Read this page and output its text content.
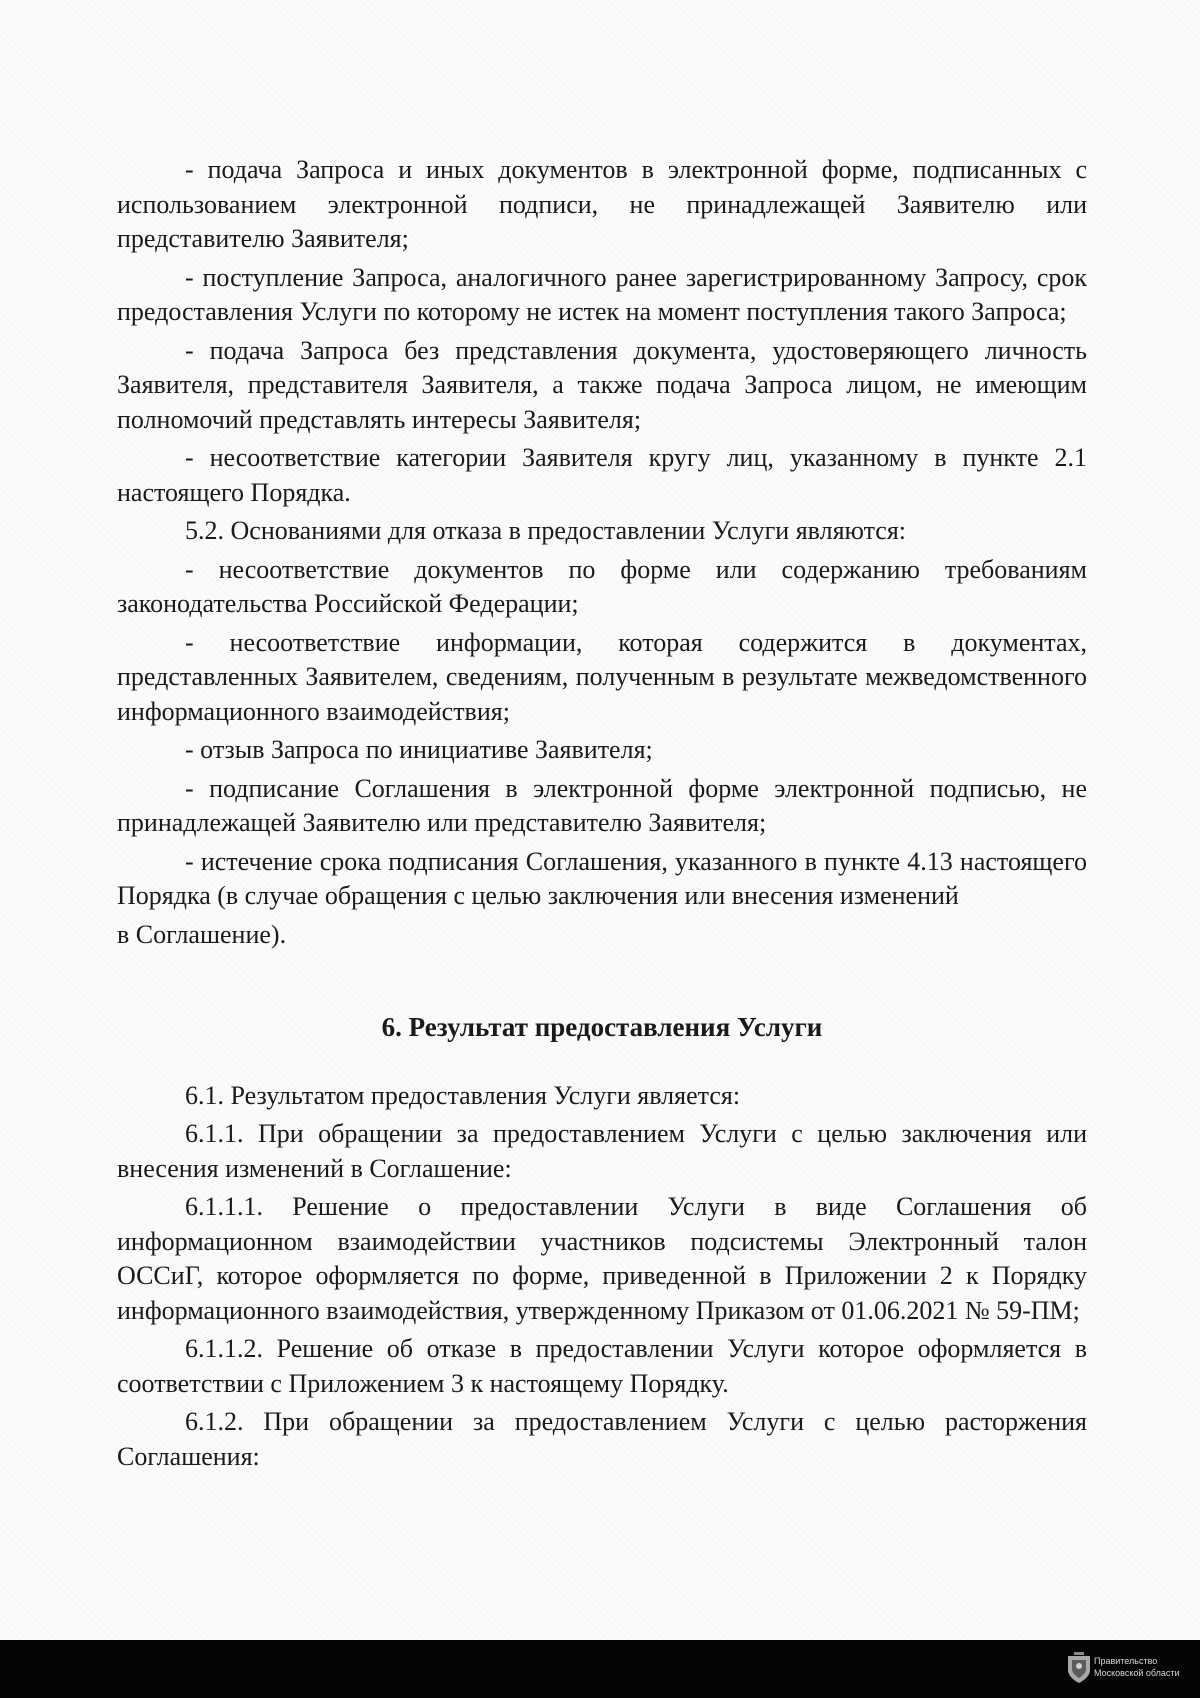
- подача Запроса и иных документов в электронной форме, подписанных с использованием электронной подписи, не принадлежащей Заявителю или представителю Заявителя;

- поступление Запроса, аналогичного ранее зарегистрированному Запросу, срок предоставления Услуги по которому не истек на момент поступления такого Запроса;

- подача Запроса без представления документа, удостоверяющего личность Заявителя, представителя Заявителя, а также подача Запроса лицом, не имеющим полномочий представлять интересы Заявителя;

- несоответствие категории Заявителя кругу лиц, указанному в пункте 2.1 настоящего Порядка.

5.2. Основаниями для отказа в предоставлении Услуги являются:

- несоответствие документов по форме или содержанию требованиям законодательства Российской Федерации;

- несоответствие информации, которая содержится в документах, представленных Заявителем, сведениям, полученным в результате межведомственного информационного взаимодействия;

- отзыв Запроса по инициативе Заявителя;

- подписание Соглашения в электронной форме электронной подписью, не принадлежащей Заявителю или представителю Заявителя;

- истечение срока подписания Соглашения, указанного в пункте 4.13 настоящего Порядка (в случае обращения с целью заключения или внесения изменений

в Соглашение).

6. Результат предоставления Услуги

6.1. Результатом предоставления Услуги является:

6.1.1. При обращении за предоставлением Услуги с целью заключения или внесения изменений в Соглашение:

6.1.1.1. Решение о предоставлении Услуги в виде Соглашения об информационном взаимодействии участников подсистемы Электронный талон ОССиГ, которое оформляется по форме, приведенной в Приложении 2 к Порядку информационного взаимодействия, утвержденному Приказом от 01.06.2021 № 59-ПМ;

6.1.1.2. Решение об отказе в предоставлении Услуги которое оформляется в соответствии с Приложением 3 к настоящему Порядку.

6.1.2. При обращении за предоставлением Услуги с целью расторжения Соглашения:

Правительство
Московской области
